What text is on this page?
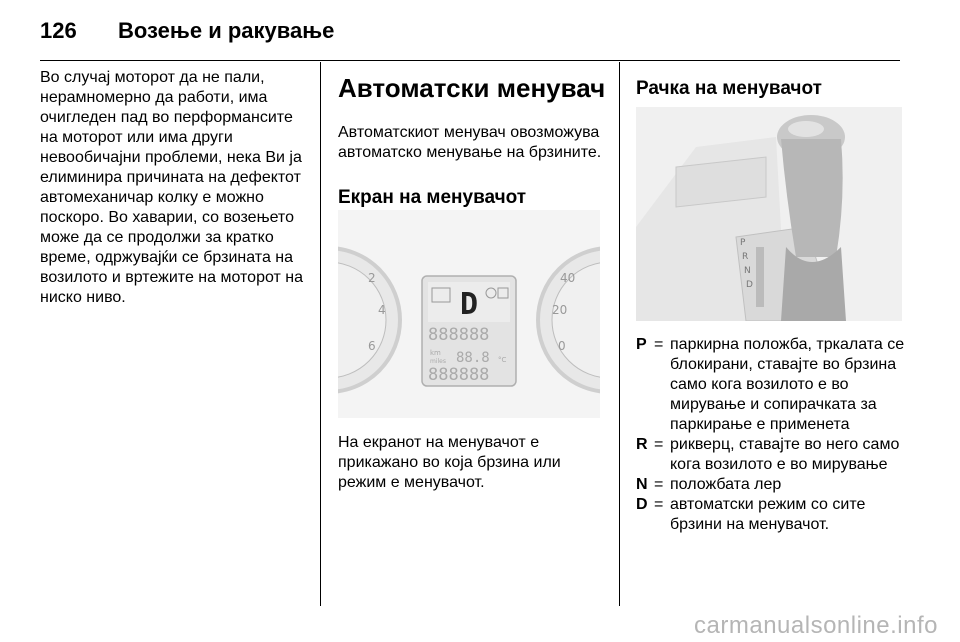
126 Возење и ракување

Во случај моторот да не пали, нерамномерно да работи, има очигледен пад во перформансите на моторот или има други невообичајни проблеми, нека Ви ја елиминира причината на дефектот автомеханичар колку е можно поскоро. Во хаварии, со возењето може да се продолжи за кратко време, одржувајќи се брзината на возилото и вртежите на моторот на ниско ниво.

Автоматски менувач

Автоматскиот менувач овозможува автоматско менување на брзините.

Екран на менувачот
2
4
6
40
20
0
D
888888
km
miles 88.8 °C
888888

На екранот на менувачот е прикажано во која брзина или режим е менувачот.

Рачка на менувачот
P
R
N
D
P = паркирна положба, тркалата се блокирани, ставајте во брзина само кога возилото е во мирување и сопирачката за паркирање е применета
R = рикверц, ставајте во него само кога возилото е во мирување
N = положбата лер
D = автоматски режим со сите брзини на менувачот.
carmanualsonline.info
